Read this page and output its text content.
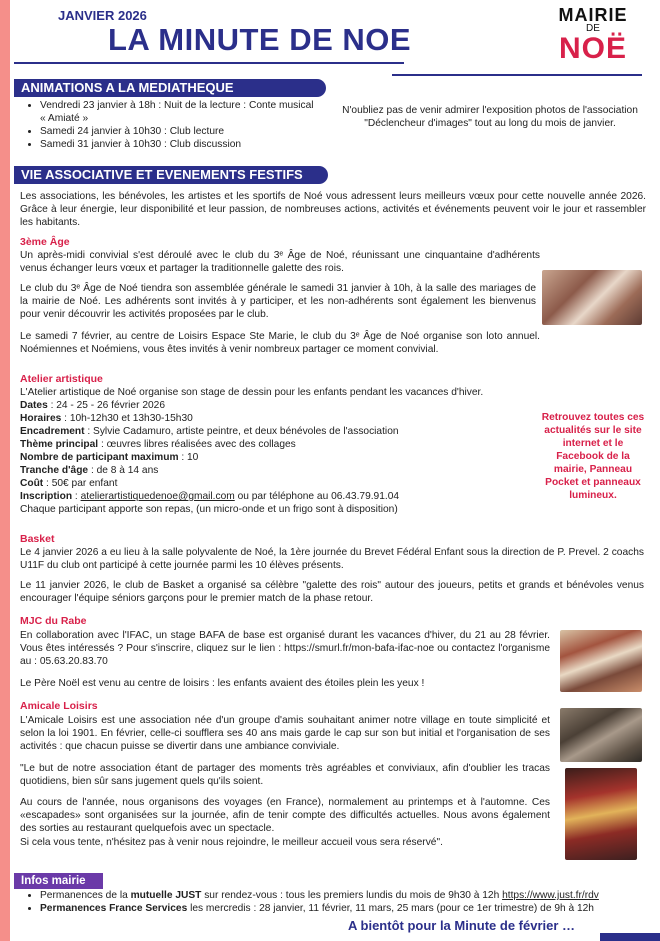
JANVIER 2026
LA MINUTE DE NOE
MAIRIE
DE
NOË
ANIMATIONS A LA MEDIATHEQUE
• Vendredi 23 janvier à 18h : Nuit de la lecture : Conte musical « Amiaté »
• Samedi 24 janvier à 10h30 : Club lecture
• Samedi 31 janvier à 10h30 : Club discussion
N'oubliez pas de venir admirer l'exposition photos de l'association "Déclencheur d'images" tout au long du mois de janvier.
VIE ASSOCIATIVE ET EVENEMENTS FESTIFS
Les associations, les bénévoles, les artistes et les sportifs de Noé vous adressent leurs meilleurs vœux pour cette nouvelle année 2026. Grâce à leur énergie, leur disponibilité et leur passion, de nombreuses actions, activités et événements peuvent voir le jour et rassembler les habitants.
3ème Âge
Un après-midi convivial s'est déroulé avec le club du 3ᵉ Âge de Noé, réunissant une cinquantaine d'adhérents venus échanger leurs vœux et partager la traditionnelle galette des rois.
Le club du 3ᵉ Âge de Noé tiendra son assemblée générale le samedi 31 janvier à 10h, à la salle des mariages de la mairie de Noé. Les adhérents sont invités à y participer, et les non-adhérents sont également les bienvenus pour venir découvrir les activités proposées par le club.
Le samedi 7 février, au centre de Loisirs Espace Ste Marie, le club du 3ᵉ Âge de Noé organise son loto annuel. Noémiennes et Noémiens, vous êtes invités à venir nombreux partager ce moment convivial.
Atelier artistique
L'Atelier artistique de Noé organise son stage de dessin pour les enfants pendant les vacances d'hiver.
Dates : 24 - 25 - 26 février 2026
Horaires : 10h-12h30 et 13h30-15h30
Encadrement : Sylvie Cadamuro, artiste peintre, et deux bénévoles de l'association
Thème principal : œuvres libres réalisées avec des collages
Nombre de participant maximum : 10
Tranche d'âge : de 8 à 14 ans
Coût : 50€ par enfant
Inscription : atelierartistiquedenoe@gmail.com ou par téléphone au 06.43.79.91.04
Chaque participant apporte son repas, (un micro-onde et un frigo sont à disposition)
Retrouvez toutes ces actualités sur le site internet et le Facebook de la mairie, Panneau Pocket et panneaux lumineux.
Basket
Le 4 janvier 2026 a eu lieu à la salle polyvalente de Noé, la 1ère journée du Brevet Fédéral Enfant sous la direction de P. Prevel. 2 coachs U11F du club ont participé à cette journée parmi les 10 élèves présents.
Le 11 janvier 2026, le club de Basket a organisé sa célèbre "galette des rois" autour des joueurs, petits et grands et bénévoles venus encourager l'équipe séniors garçons pour le premier match de la phase retour.
MJC du Rabe
En collaboration avec l'IFAC, un stage BAFA de base est organisé durant les vacances d'hiver, du 21 au 28 février. Vous êtes intéressés ? Pour s'inscrire, cliquez sur le lien : https://smurl.fr/mon-bafa-ifac-noe ou contactez l'organisme au : 05.63.20.83.70
Le Père Noël est venu au centre de loisirs : les enfants avaient des étoiles plein les yeux !
Amicale Loisirs
L'Amicale Loisirs est une association née d'un groupe d'amis souhaitant animer notre village en toute simplicité et selon la loi 1901. En février, celle-ci soufflera ses 40 ans mais garde le cap sur son but initial et l'organisation de ses activités : que chacun puisse se divertir dans une ambiance conviviale.
"Le but de notre association étant de partager des moments très agréables et conviviaux, afin d'oublier les tracas quotidiens, bien sûr sans jugement quels qu'ils soient.
Au cours de l'année, nous organisons des voyages (en France), normalement au printemps et à l'automne. Ces «escapades» sont organisées sur la journée, afin de tenir compte des difficultés actuelles. Nous avons également des sorties au restaurant quelquefois avec un spectacle.
Si cela vous tente, n'hésitez pas à venir nous rejoindre, le meilleur accueil vous sera réservé".
Infos mairie
• Permanences de la mutuelle JUST sur rendez-vous : tous les premiers lundis du mois de 9h30 à 12h https://www.just.fr/rdv
• Permanences France Services les mercredis : 28 janvier, 11 février, 11 mars, 25 mars (pour ce 1er trimestre) de 9h à 12h
A bientôt pour la Minute de février …
